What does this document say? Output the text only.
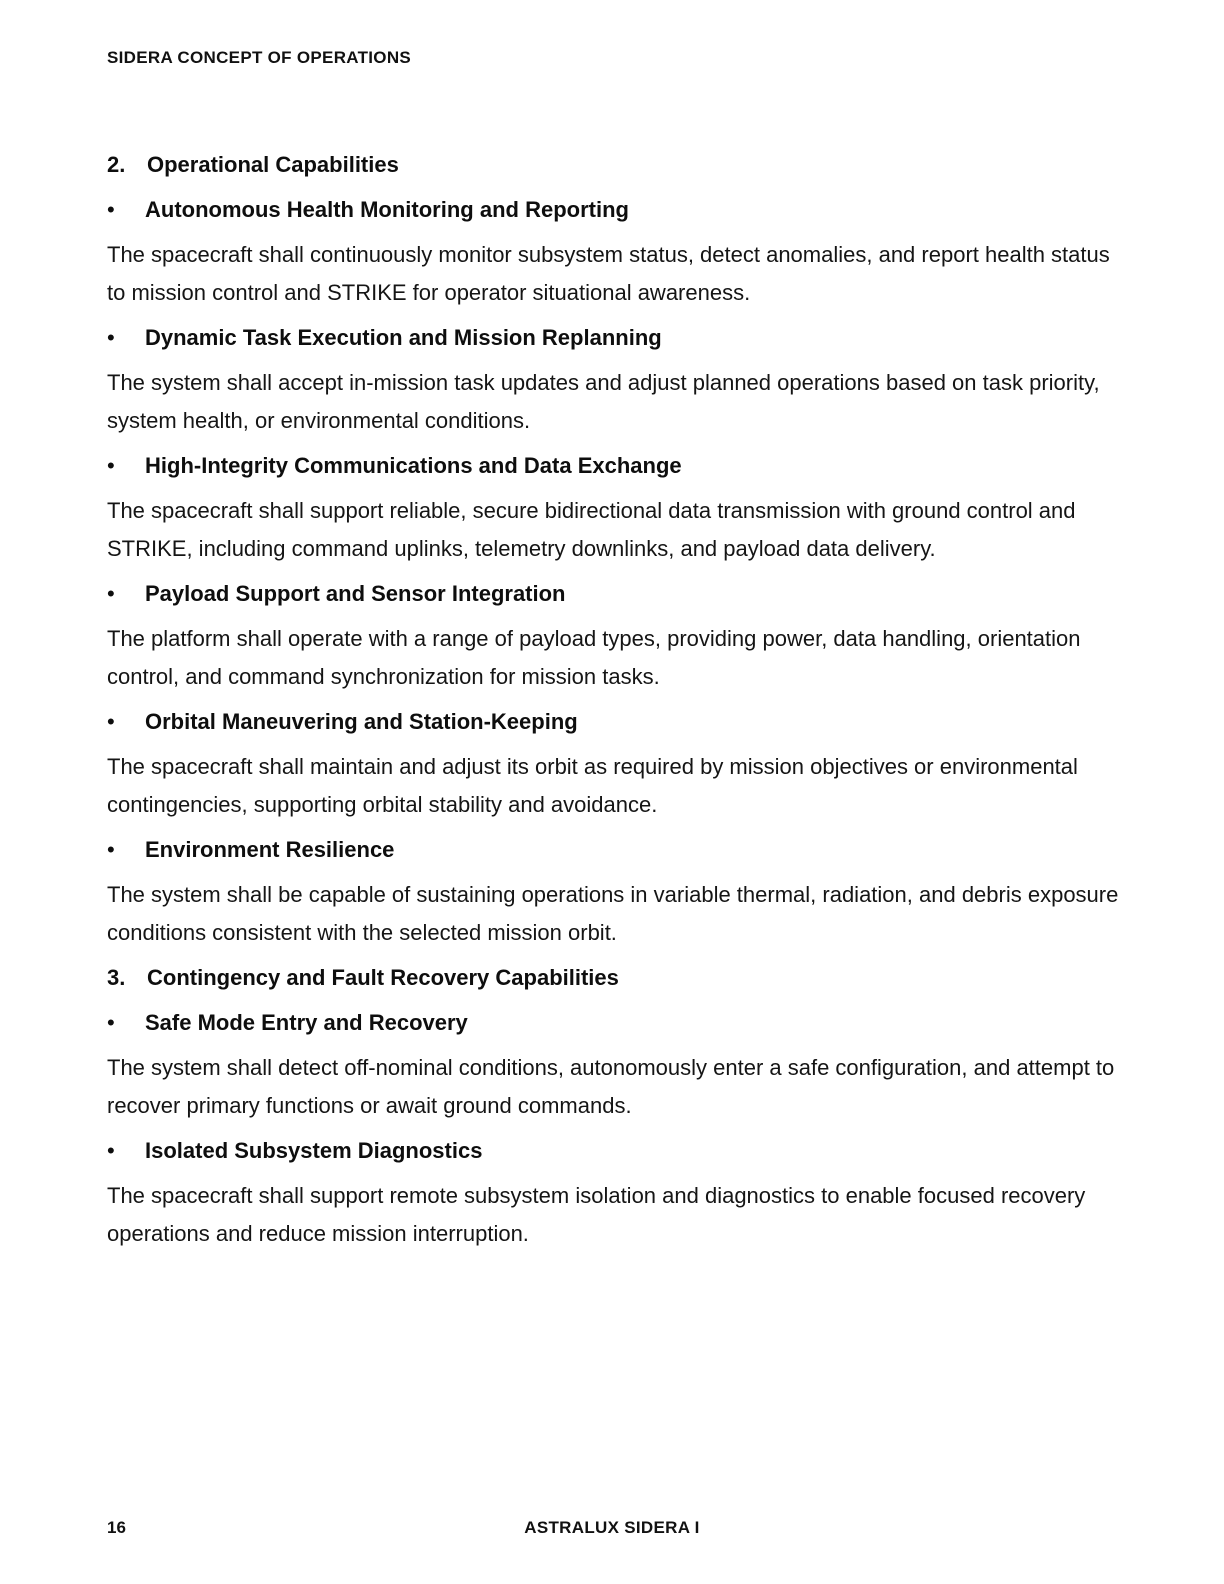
SIDERA CONCEPT OF OPERATIONS
2. Operational Capabilities
•	Autonomous Health Monitoring and Reporting

The spacecraft shall continuously monitor subsystem status, detect anomalies, and report health status to mission control and STRIKE for operator situational awareness.

•	Dynamic Task Execution and Mission Replanning

The system shall accept in-mission task updates and adjust planned operations based on task priority, system health, or environmental conditions.

•	High-Integrity Communications and Data Exchange

The spacecraft shall support reliable, secure bidirectional data transmission with ground control and STRIKE, including command uplinks, telemetry downlinks, and payload data delivery.

•	Payload Support and Sensor Integration

The platform shall operate with a range of payload types, providing power, data handling, orientation control, and command synchronization for mission tasks.

•	Orbital Maneuvering and Station-Keeping

The spacecraft shall maintain and adjust its orbit as required by mission objectives or environmental contingencies, supporting orbital stability and avoidance.

•	Environment Resilience

The system shall be capable of sustaining operations in variable thermal, radiation, and debris exposure conditions consistent with the selected mission orbit.

3. Contingency and Fault Recovery Capabilities
•	Safe Mode Entry and Recovery

The system shall detect off-nominal conditions, autonomously enter a safe configuration, and attempt to recover primary functions or await ground commands.

•	Isolated Subsystem Diagnostics

The spacecraft shall support remote subsystem isolation and diagnostics to enable focused recovery operations and reduce mission interruption.

16	ASTRALUX SIDERA I
